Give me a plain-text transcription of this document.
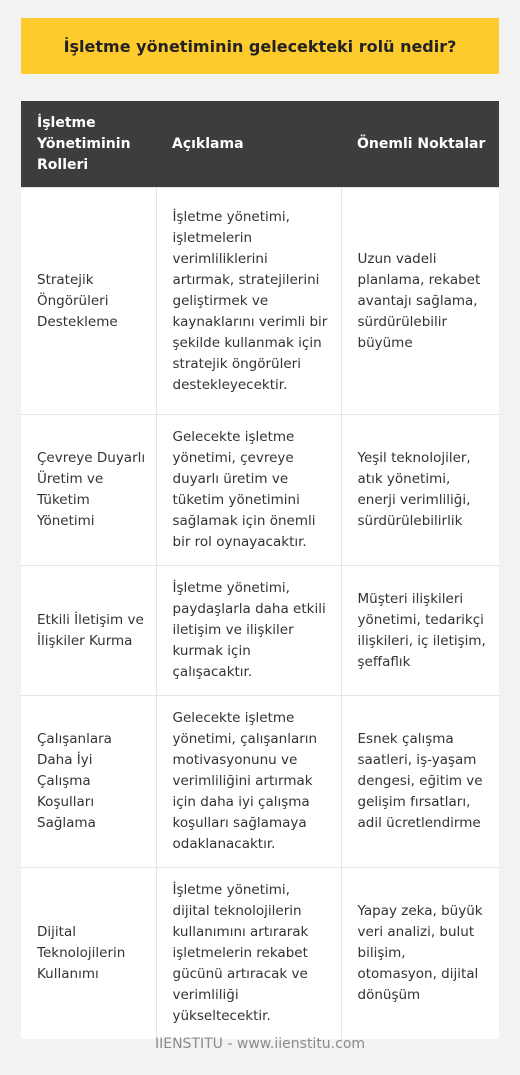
İşletme yönetiminin gelecekteki rolü nedir?
İşletme Yönetiminin Rolleri	Açıklama	Önemli Noktalar
Stratejik Öngörüleri Destekleme	İşletme yönetimi, işletmelerin verimliliklerini artırmak, stratejilerini geliştirmek ve kaynaklarını verimli bir şekilde kullanmak için stratejik öngörüleri destekleyecektir.	Uzun vadeli planlama, rekabet avantajı sağlama, sürdürülebilir büyüme
Çevreye Duyarlı Üretim ve Tüketim Yönetimi	Gelecekte işletme yönetimi, çevreye duyarlı üretim ve tüketim yönetimini sağlamak için önemli bir rol oynayacaktır.	Yeşil teknolojiler, atık yönetimi, enerji verimliliği, sürdürülebilirlik
Etkili İletişim ve İlişkiler Kurma	İşletme yönetimi, paydaşlarla daha etkili iletişim ve ilişkiler kurmak için çalışacaktır.	Müşteri ilişkileri yönetimi, tedarikçi ilişkileri, iç iletişim, şeffaflık
Çalışanlara Daha İyi Çalışma Koşulları Sağlama	Gelecekte işletme yönetimi, çalışanların motivasyonunu ve verimliliğini artırmak için daha iyi çalışma koşulları sağlamaya odaklanacaktır.	Esnek çalışma saatleri, iş-yaşam dengesi, eğitim ve gelişim fırsatları, adil ücretlendirme
Dijital Teknolojilerin Kullanımı	İşletme yönetimi, dijital teknolojilerin kullanımını artırarak işletmelerin rekabet gücünü artıracak ve verimliliği yükseltecektir.	Yapay zeka, büyük veri analizi, bulut bilişim, otomasyon, dijital dönüşüm
IIENSTITU - www.iienstitu.com
